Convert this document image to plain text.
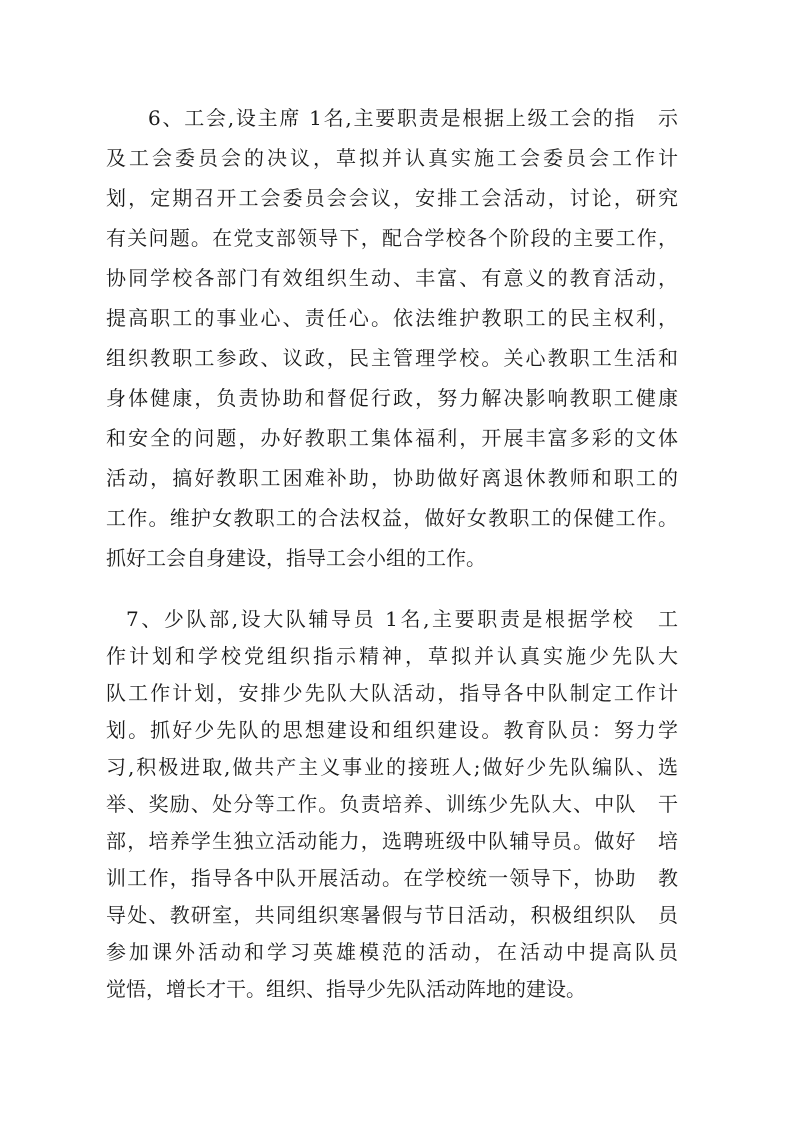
6、工会,设主席 1名,主要职责是根据上级工会的指　示
及工会委员会的决议，草拟并认真实施工会委员会工作计
划，定期召开工会委员会会议，安排工会活动，讨论，研究
有关问题。在党支部领导下，配合学校各个阶段的主要工作，
协同学校各部门有效组织生动、丰富、有意义的教育活动，
提高职工的事业心、责任心。依法维护教职工的民主权利，
组织教职工参政、议政，民主管理学校。关心教职工生活和
身体健康，负责协助和督促行政，努力解决影响教职工健康
和安全的问题，办好教职工集体福利，开展丰富多彩的文体
活动，搞好教职工困难补助，协助做好离退休教师和职工的
工作。维护女教职工的合法权益，做好女教职工的保健工作。
抓好工会自身建设，指导工会小组的工作。
7、少队部,设大队辅导员 1名,主要职责是根据学校　工
作计划和学校党组织指示精神，草拟并认真实施少先队大
队工作计划，安排少先队大队活动，指导各中队制定工作计
划。抓好少先队的思想建设和组织建设。教育队员：努力学
习,积极进取,做共产主义事业的接班人;做好少先队编队、选
举、奖励、处分等工作。负责培养、训练少先队大、中队　干
部，培养学生独立活动能力，选聘班级中队辅导员。做好　培
训工作，指导各中队开展活动。在学校统一领导下，协助　教
导处、教研室，共同组织寒暑假与节日活动，积极组织队　员
参加课外活动和学习英雄模范的活动，在活动中提高队员
觉悟，增长才干。组织、指导少先队活动阵地的建设。
